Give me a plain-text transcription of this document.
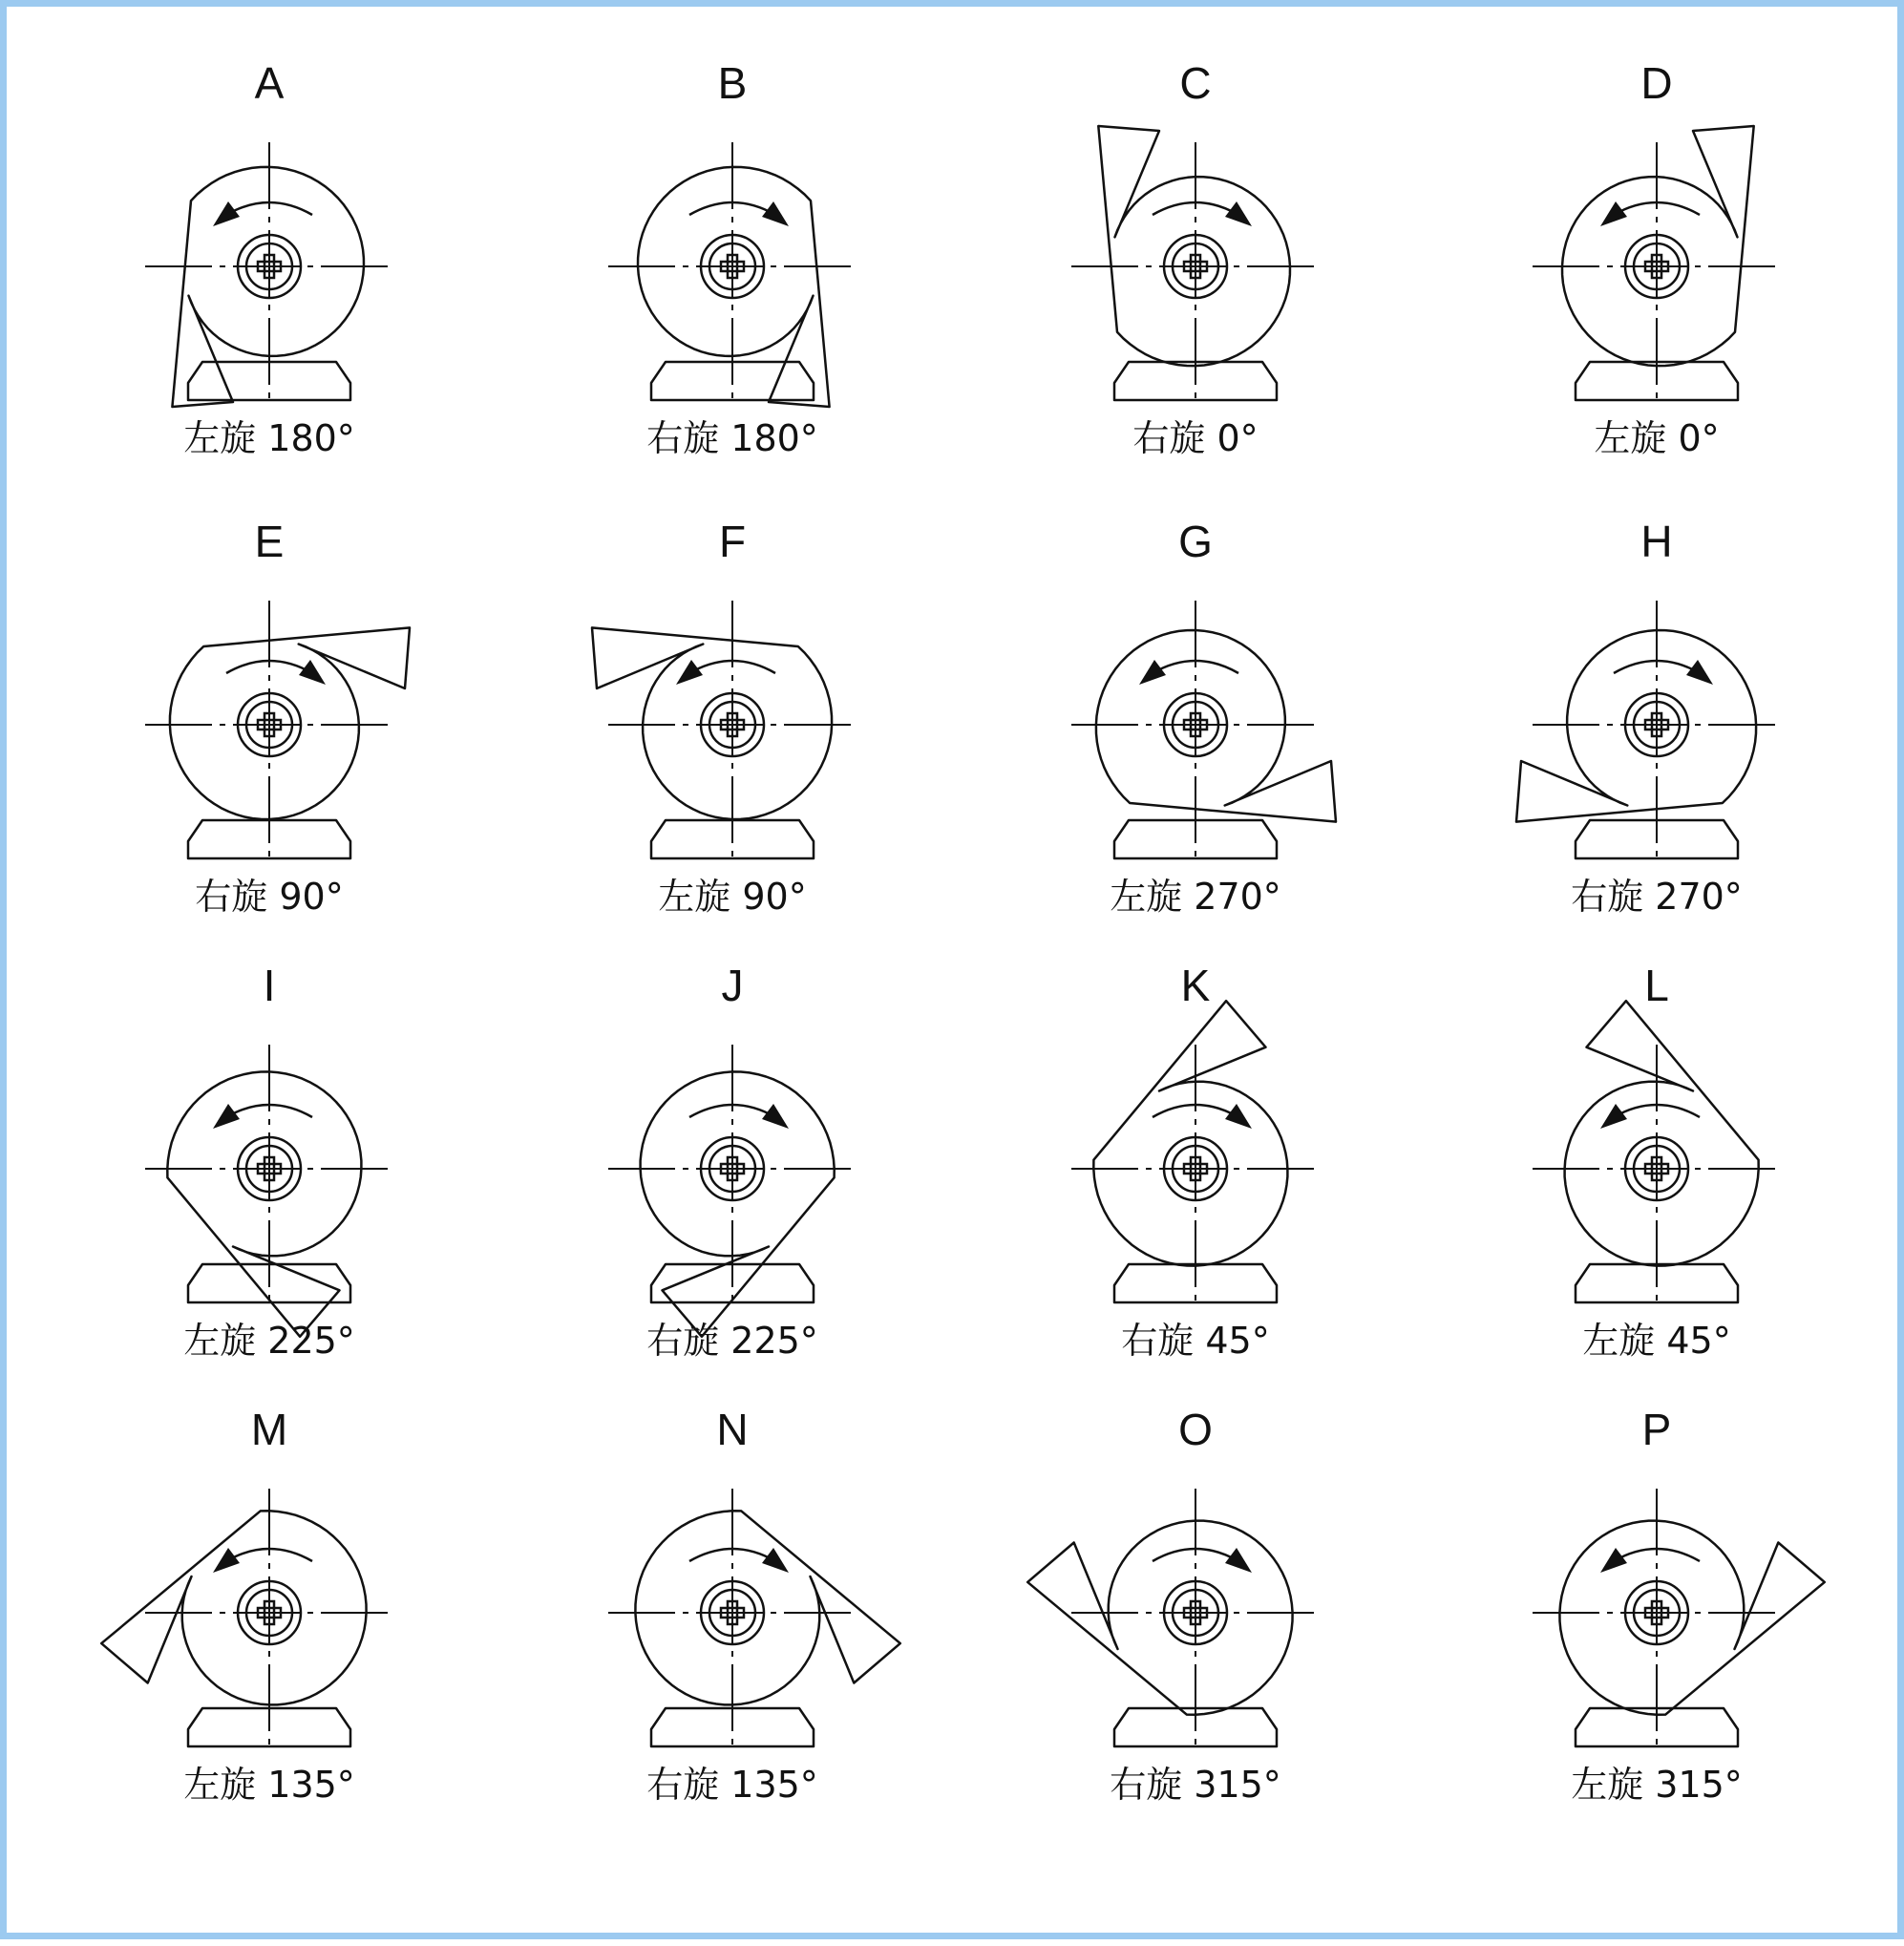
A
左旋 180°
B
右旋 180°
C
右旋 0°
D
左旋 0°
E
右旋 90°
F
左旋 90°
G
左旋 270°
H
右旋 270°
I
左旋 225°
J
右旋 225°
K
右旋 45°
L
左旋 45°
M
左旋 135°
N
右旋 135°
O
右旋 315°
P
左旋 315°
